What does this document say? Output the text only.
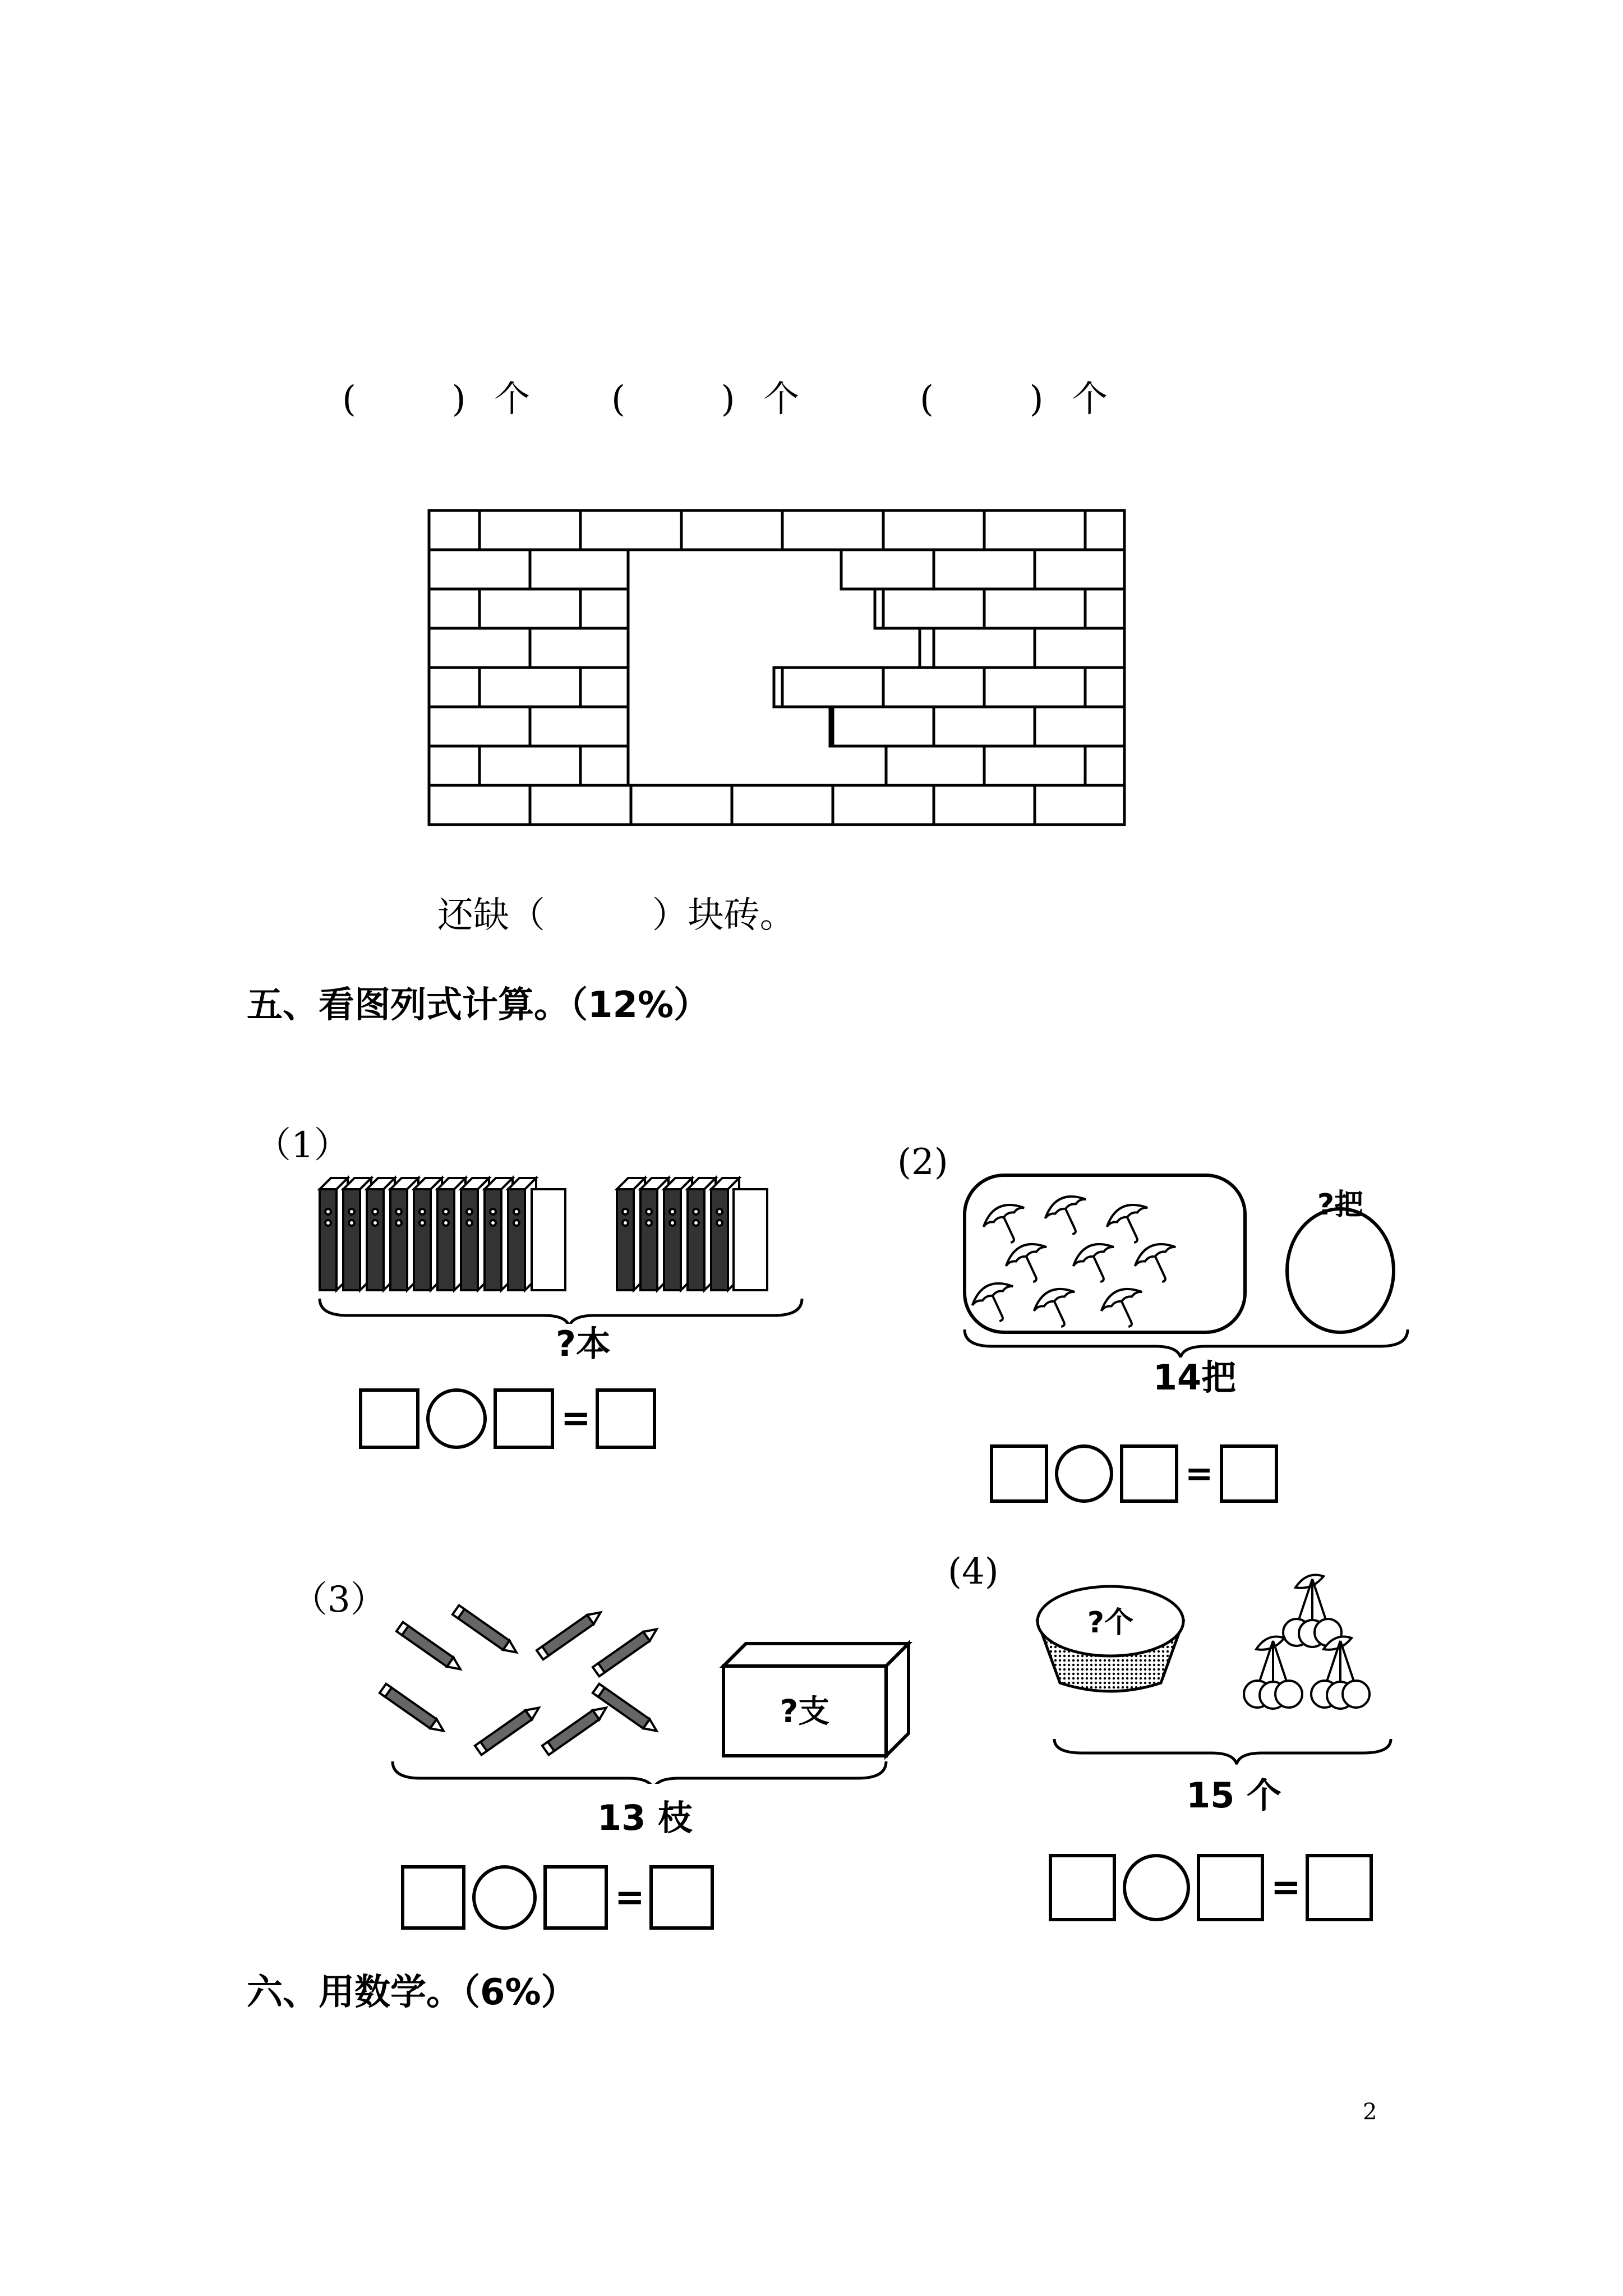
(	) 个 (	) 个	(	) 个
还缺（	）块砖。
五、看图列式计算。（12%）
（1）
?本
=
(2)
?把
14把
=
（3）
?支
13 枝
=
(4)
?个
15 个
=
六、用数学。（6%）
2
